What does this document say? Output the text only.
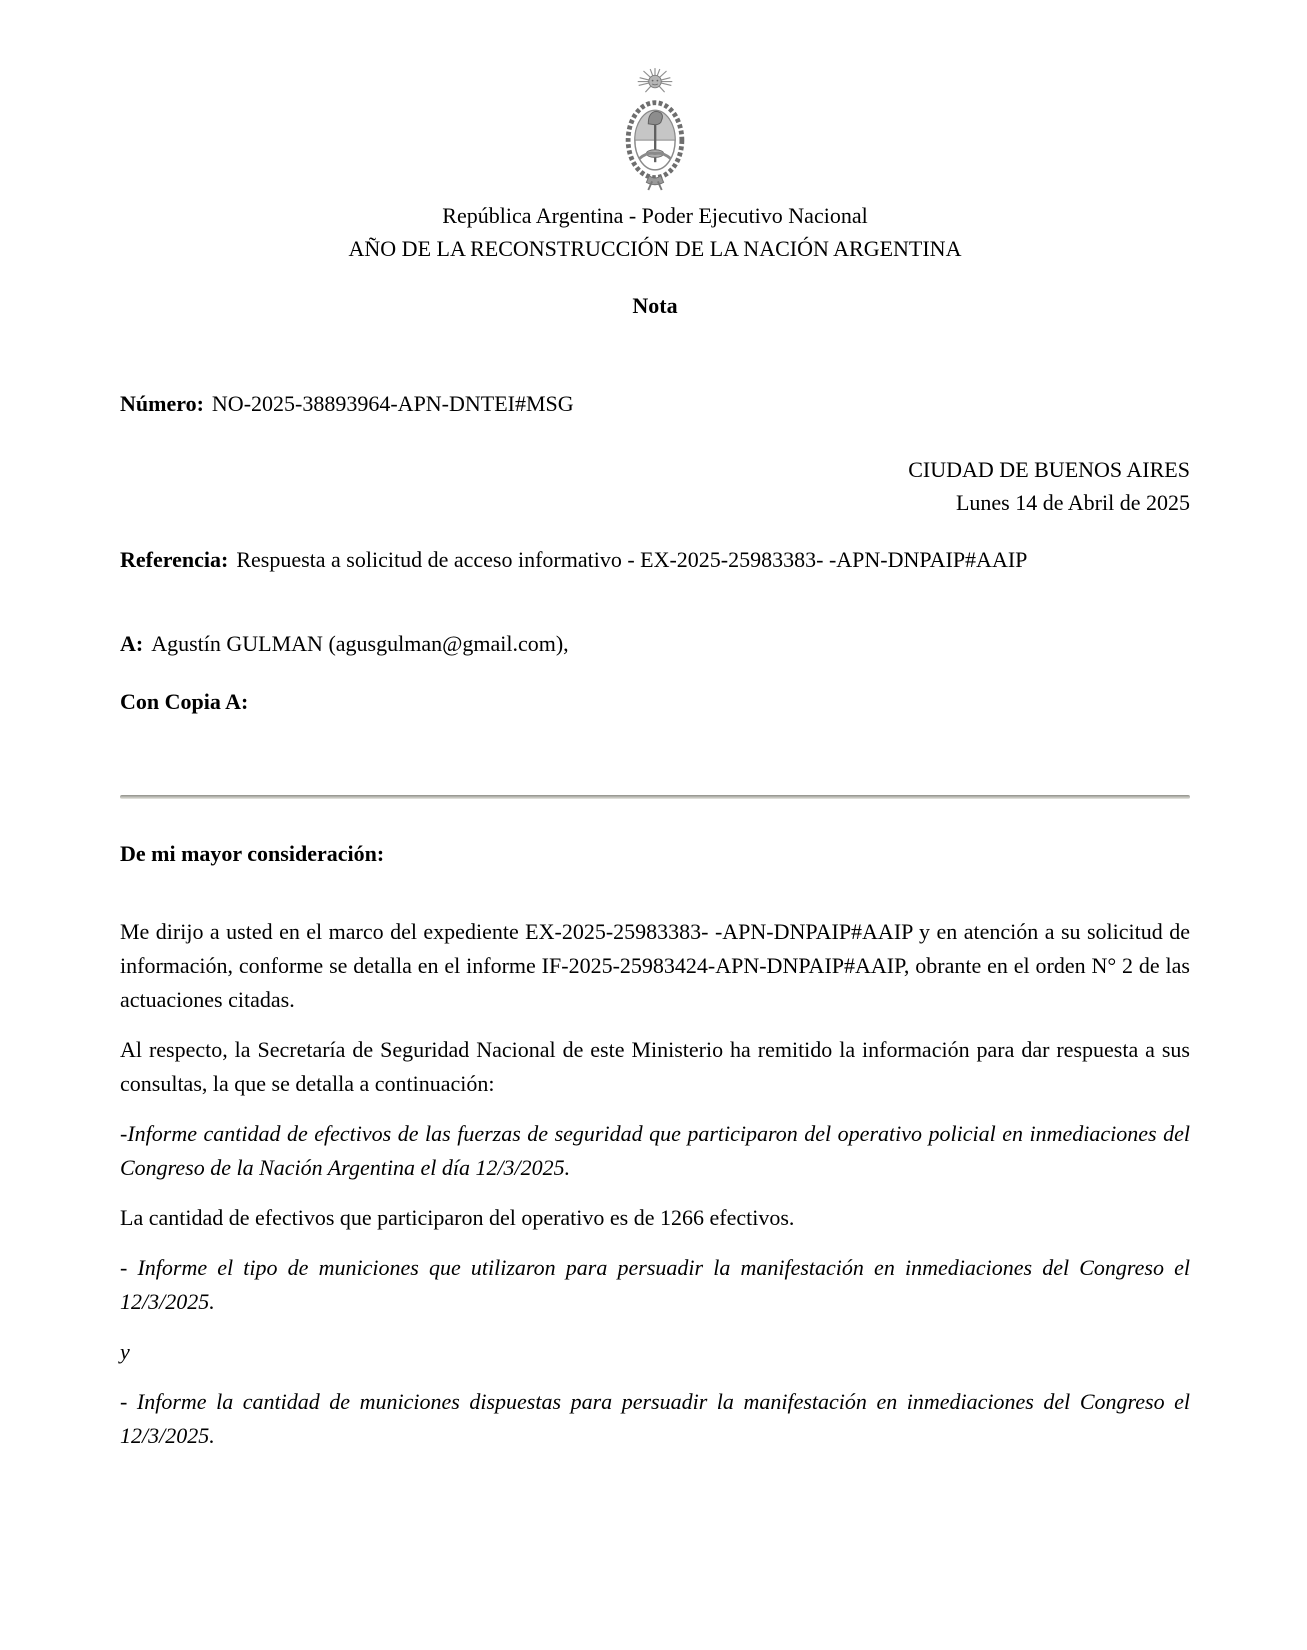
República Argentina - Poder Ejecutivo Nacional
AÑO DE LA RECONSTRUCCIÓN DE LA NACIÓN ARGENTINA
Nota
Número: NO-2025-38893964-APN-DNTEI#MSG
CIUDAD DE BUENOS AIRES
Lunes 14 de Abril de 2025
Referencia: Respuesta a solicitud de acceso informativo - EX-2025-25983383- -APN-DNPAIP#AAIP
A: Agustín GULMAN (agusgulman@gmail.com),
Con Copia A:
De mi mayor consideración:

Me dirijo a usted en el marco del expediente EX-2025-25983383- -APN-DNPAIP#AAIP y en atención a su solicitud de información, conforme se detalla en el informe IF-2025-25983424-APN-DNPAIP#AAIP, obrante en el orden N° 2 de las actuaciones citadas.

Al respecto, la Secretaría de Seguridad Nacional de este Ministerio ha remitido la información para dar respuesta a sus consultas, la que se detalla a continuación:

-Informe cantidad de efectivos de las fuerzas de seguridad que participaron del operativo policial en inmediaciones del Congreso de la Nación Argentina el día 12/3/2025.

La cantidad de efectivos que participaron del operativo es de 1266 efectivos.

- Informe el tipo de municiones que utilizaron para persuadir la manifestación en inmediaciones del Congreso el 12/3/2025.

y

- Informe la cantidad de municiones dispuestas para persuadir la manifestación en inmediaciones del Congreso el 12/3/2025.
